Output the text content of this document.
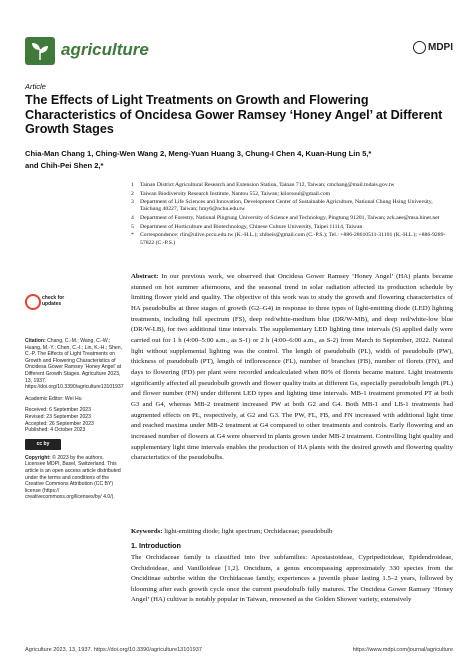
agriculture	MDPI
Article
The Effects of Light Treatments on Growth and Flowering Characteristics of Oncidesa Gower Ramsey ‘Honey Angel’ at Different Growth Stages
Chia-Man Chang 1, Ching-Wen Wang 2, Meng-Yuan Huang 3, Chung-I Chen 4, Kuan-Hung Lin 5,*
and Chih-Pei Shen 2,*
1	Tainan District Agricultural Research and Extension Station, Tainan 712, Taiwan; cmchang@mail.tndais.gov.tw
2	Taiwan Biodiversity Research Institute, Nantou 552, Taiwan; kilorsoul@gmail.com
3	Department of Life Sciences and Innovation, Development Center of Sustainable Agriculture, National Chung Hsing University, Taichung 40227, Taiwan; hmy6@nchu.edu.tw
4	Department of Forestry, National Pingtung University of Science and Technology, Pingtung 91201, Taiwan; zck.aee@msa.hinet.net
5	Department of Horticulture and Biotechnology, Chinese Culture University, Taipei 11114, Taiwan
*	Correspondence: rlin@ulive.pccu.edu.tw (K.-H.L.); zhibeis@gmail.com (C.-P.S.); Tel.: +886-28610511-31101 (K.-H.L.); +886-9289-57822 (C.-P.S.)
check for updates
Citation: Chang, C.-M.; Wang, C.-W.; Huang, M.-Y.; Chen, C.-I.; Lin, K.-H.; Shen, C.-P. The Effects of Light Treatments on Growth and Flowering Characteristics of Oncidesa Gower Ramsey ‘Honey Angel’ at Different Growth Stages. Agriculture 2023, 13, 1937. https://doi.org/10.3390/agriculture13101937
Academic Editor: Wei Hu
Received: 6 September 2023
Revised: 23 September 2023
Accepted: 26 September 2023
Published: 4 October 2023
cc by
Copyright: © 2023 by the authors. Licensee MDPI, Basel, Switzerland. This article is an open access article distributed under the terms and conditions of the Creative Commons Attribution (CC BY) license (https:// creativecommons.org/licenses/by/ 4.0/).
Abstract: In our previous work, we observed that Oncidesa Gower Ramsey ‘Honey Angel’ (HA) plants became stunned on hot summer afternoons, and the seasonal trend in solar radiation affected its production schedule by limiting flower yield and quality. The objective of this work was to study the growth and flowering characteristics of HA pseudobulbs at three stages of growth (G2–G4) in response to three types of light-emitting diode (LED) lighting treatments, including full spectrum (FS), deep red/white-medium blue (DR/W-MB), and deep red/white-low blue (DR/W-LB), for two additional time intervals. The supplementary LED lighting time intervals (S) applied daily were carried out for 1 h (4:00–5:00 a.m., as S-1) or 2 h (4:00–6:00 a.m., as S-2) from March to September, 2022. Natural light without supplemental lighting was the control. The length of pseudobulb (PL), width of pseudobulb (PW), thickness of pseudobulb (PT), length of inflorescence (FL), number of branches (FB), number of florets (FN), and days to flowering (FD) per plant were recorded andcalculated when 80% of florets became mature. Light treatments significantly affected all pseudobulb growth and flower quality traits at different Gs, especially pseudobulb length (PL) and flower number (FN) under different LED types and lighting time intervals. MB-1 treatment promoted PT at both G3 and G4, whereas MB-2 treatment increased PW at both G2 and G4. Both MB-1 and LB-1 treatments had augmented effects on PL, respectively, at G2 and G3. The PW, FL, FB, and FN increased with additional light time and reached maxima under MB-2 treatment at G4 compared to other treatments and controls. Early flowering and an increased number of flowers at G4 were observed in plants grown under MB-2 treatment. Controlling light quality and supplementary light time intervals enables the production of HA plants with the desired growth and flowering quality characteristics of the pseudobulbs.
Keywords: light-emitting diode; light spectrum; Orchidaceae; pseudobulb
1. Introduction
The Orchidaceae family is classified into five subfamilies: Apostasioideae, Cypripedioideae, Epidendroideae, Orchidoideae, and Vanilloideae [1,2]. Oncidium, a genus encompassing approximately 330 species from the Oncidiinae subtribe within the Orchidaceae family, experiences a juvenile phase lasting 1.5–2 years, followed by blooming after each growth cycle once the current pseudobulb fully matures. The Oncidesa Gower Ramsey ‘Honey Angel’ (HA) cultivar is notably popular in Taiwan, renowned as the Golden Shower variety, extensively
Agriculture 2023, 13, 1937. https://doi.org/10.3390/agriculture13101937	https://www.mdpi.com/journal/agriculture
